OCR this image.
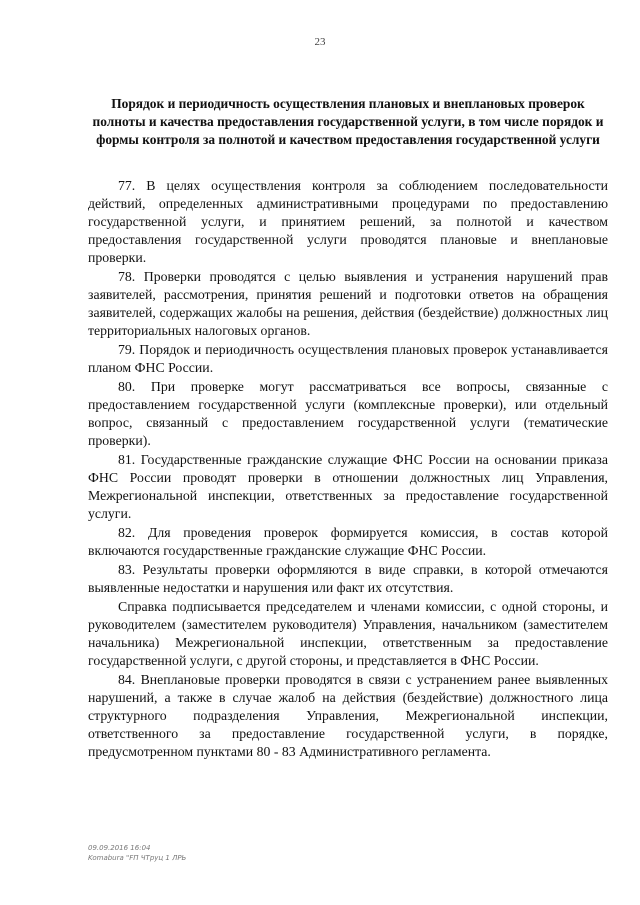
23
Порядок и периодичность осуществления плановых и внеплановых проверок полноты и качества предоставления государственной услуги, в том числе порядок и формы контроля за полнотой и качеством предоставления государственной услуги

77. В целях осуществления контроля за соблюдением последовательности действий, определенных административными процедурами по предоставлению государственной услуги, и принятием решений, за полнотой и качеством предоставления государственной услуги проводятся плановые и внеплановые проверки.

78. Проверки проводятся с целью выявления и устранения нарушений прав заявителей, рассмотрения, принятия решений и подготовки ответов на обращения заявителей, содержащих жалобы на решения, действия (бездействие) должностных лиц территориальных налоговых органов.

79. Порядок и периодичность осуществления плановых проверок устанавливается планом ФНС России.

80. При проверке могут рассматриваться все вопросы, связанные с предоставлением государственной услуги (комплексные проверки), или отдельный вопрос, связанный с предоставлением государственной услуги (тематические проверки).

81. Государственные гражданские служащие ФНС России на основании приказа ФНС России проводят проверки в отношении должностных лиц Управления, Межрегиональной инспекции, ответственных за предоставление государственной услуги.

82. Для проведения проверок формируется комиссия, в состав которой включаются государственные гражданские служащие ФНС России.

83. Результаты проверки оформляются в виде справки, в которой отмечаются выявленные недостатки и нарушения или факт их отсутствия.

Справка подписывается председателем и членами комиссии, с одной стороны, и руководителем (заместителем руководителя) Управления, начальником (заместителем начальника) Межрегиональной инспекции, ответственным за предоставление государственной услуги, с другой стороны, и представляется в ФНС России.

84. Внеплановые проверки проводятся в связи с устранением ранее выявленных нарушений, а также в случае жалоб на действия (бездействие) должностного лица структурного подразделения Управления, Межрегиональной инспекции, ответственного за предоставление государственной услуги, в порядке, предусмотренном пунктами 80 - 83 Административного регламента.

09.09.2016 16:04
Komabura "FП ЧТруц 1 ЛРЬ
